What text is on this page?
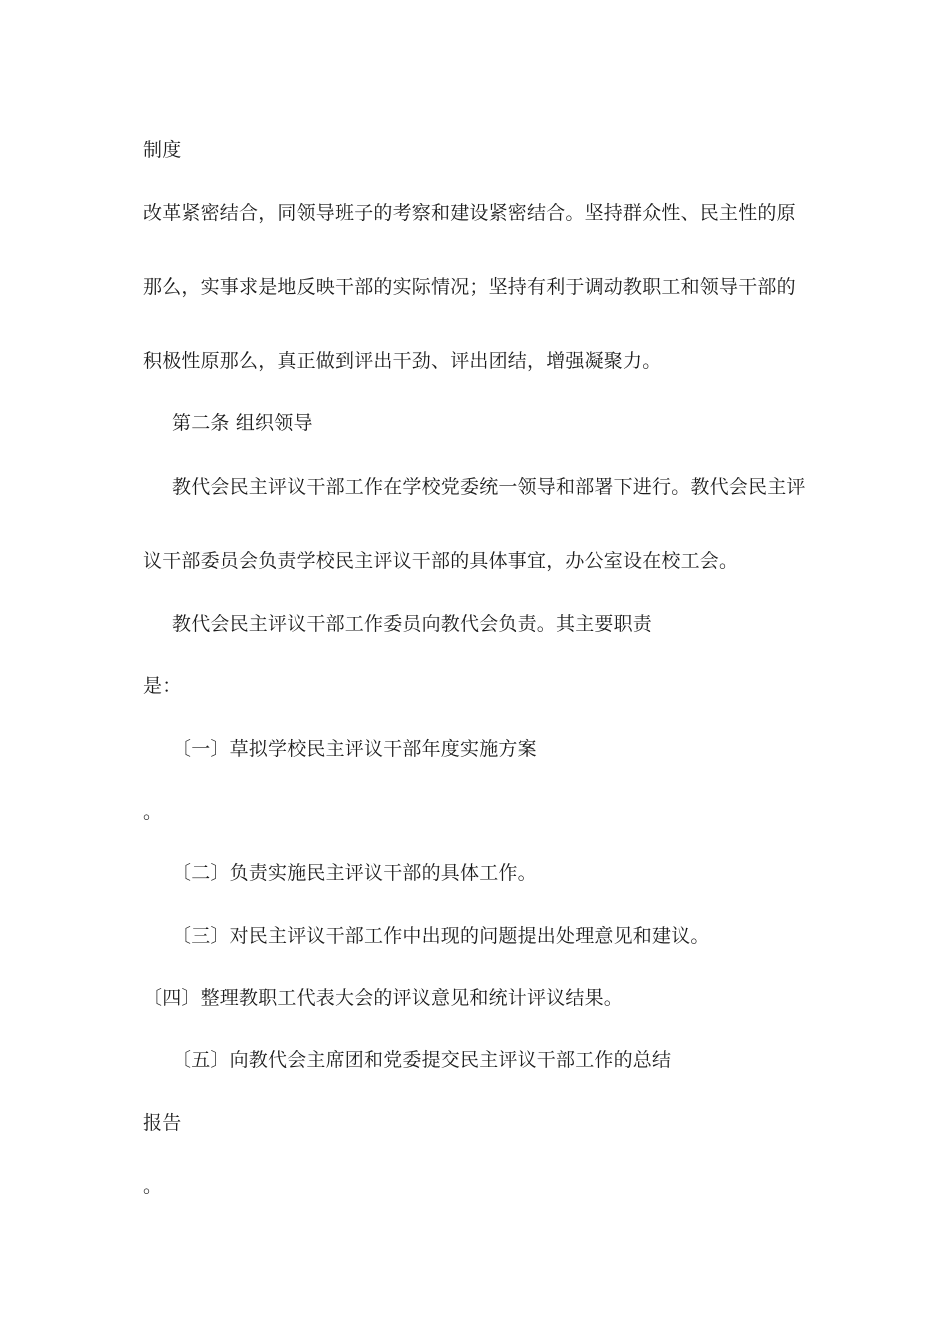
制度
改革紧密结合，同领导班子的考察和建设紧密结合。坚持群众性、民主性的原
那么，实事求是地反映干部的实际情况；坚持有利于调动教职工和领导干部的
积极性原那么，真正做到评出干劲、评出团结，增强凝聚力。
第二条 组织领导
教代会民主评议干部工作在学校党委统一领导和部署下进行。教代会民主评
议干部委员会负责学校民主评议干部的具体事宜，办公室设在校工会。
教代会民主评议干部工作委员向教代会负责。其主要职责
是：
〔一〕草拟学校民主评议干部年度实施方案
。
〔二〕负责实施民主评议干部的具体工作。
〔三〕对民主评议干部工作中出现的问题提出处理意见和建议。
〔四〕整理教职工代表大会的评议意见和统计评议结果。
〔五〕向教代会主席团和党委提交民主评议干部工作的总结
报告
。
